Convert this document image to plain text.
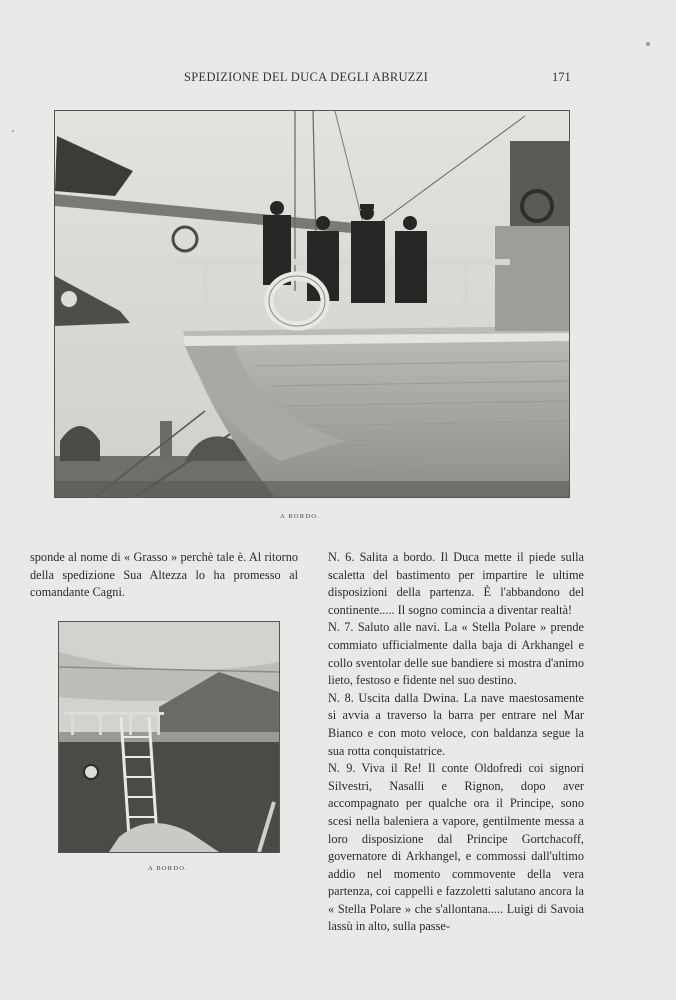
SPEDIZIONE DEL DUCA DEGLI ABRUZZI	171
A BORDO.
sponde al nome di « Grasso » perchè tale è. Al ritorno della spedizione Sua Altezza lo ha promesso al comandante Cagni.
A BORDO.

N. 6. Salita a bordo. Il Duca mette il piede sulla scaletta del bastimento per impartire le ultime disposizioni della partenza. È l'abbandono del continente..... Il sogno comincia a diventar realtà!

N. 7. Saluto alle navi. La « Stella Polare » prende commiato ufficialmente dalla baja di Arkhangel e collo sventolar delle sue bandiere si mostra d'animo lieto, festoso e fidente nel suo destino.

N. 8. Uscita dalla Dwina. La nave maestosamente si avvia a traverso la barra per entrare nel Mar Bianco e con moto veloce, con baldanza segue la sua rotta conquistatrice.

N. 9. Viva il Re! Il conte Oldofredi coi signori Silvestri, Nasalli e Rignon, dopo aver accompagnato per qualche ora il Principe, sono scesi nella baleniera a vapore, gentilmente messa a loro disposizione dal Principe Gortchacoff, governatore di Arkhangel, e commossi dall'ultimo addio nel momento commovente della vera partenza, coi cappelli e fazzoletti salutano ancora la « Stella Polare » che s'allontana..... Luigi di Savoia lassù in alto, sulla passe-
